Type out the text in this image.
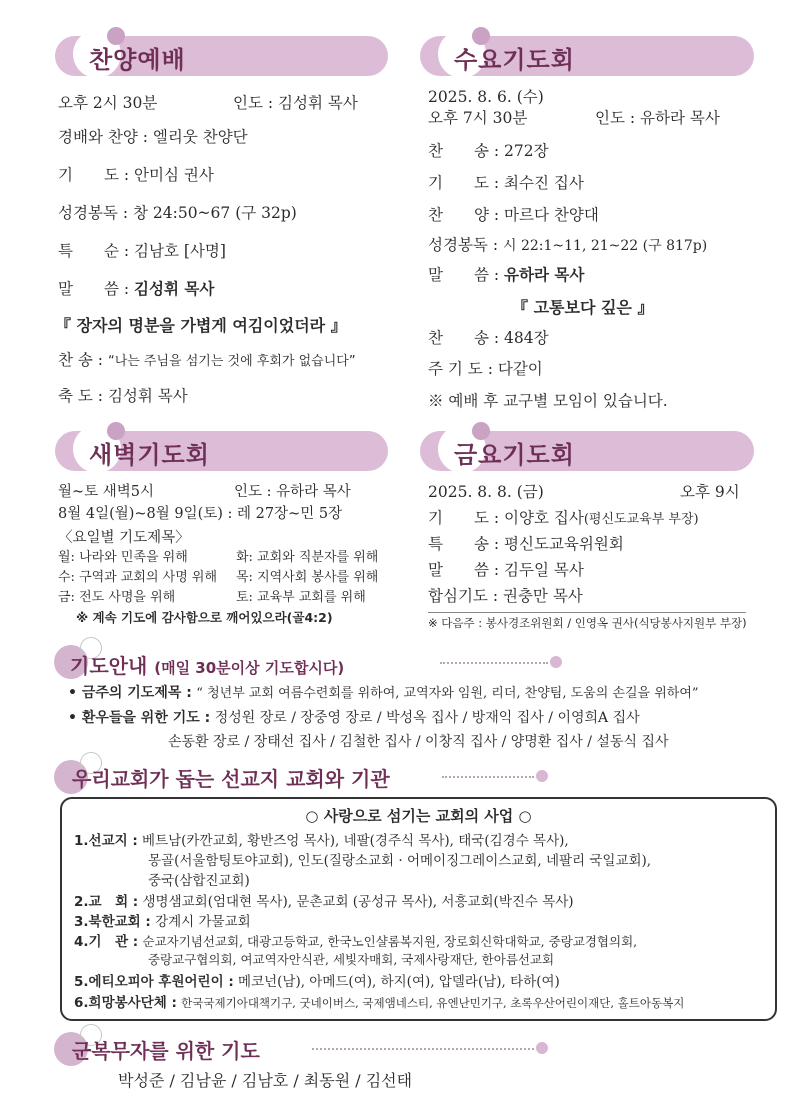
찬양예배
오후 2시 30분	인도 : 김성휘 목사
경배와 찬양 : 엘리웃 찬양단
기　　도 : 안미심 권사
성경봉독 : 창 24:50~67 (구 32p)
특　　순 : 김남호 [사명]
말　　씀 : 김성휘 목사
『 장자의 명분을 가볍게 여김이었더라 』
찬 송 : “나는 주님을 섬기는 것에 후회가 없습니다”
축 도 : 김성휘 목사
수요기도회
2025. 8. 6. (수)
오후 7시 30분	인도 : 유하라 목사
찬　　송 : 272장
기　　도 : 최수진 집사
찬　　양 : 마르다 찬양대
성경봉독 : 시 22:1~11, 21~22 (구 817p)
말　　씀 : 유하라 목사
『 고통보다 깊은 』
찬　　송 : 484장
주 기 도 : 다같이
※ 예배 후 교구별 모임이 있습니다.
새벽기도회
월~토 새벽5시	인도 : 유하라 목사
8월 4일(월)~8월 9일(토) : 레 27장~민 5장
〈요일별 기도제목〉
월: 나라와 민족을 위해	화: 교회와 직분자를 위해
수: 구역과 교회의 사명 위해 목: 지역사회 봉사를 위해
금: 전도 사명을 위해	토: 교육부 교회를 위해
※ 계속 기도에 감사함으로 깨어있으라(골4:2)
금요기도회
2025. 8. 8. (금)	오후 9시
기　　도 : 이양호 집사(평신도교육부 부장)
특　　송 : 평신도교육위원회
말　　씀 : 김두일 목사
합심기도 : 권충만 목사
※ 다음주 : 봉사경조위원회 / 인영옥 권사(식당봉사지원부 부장)
기도안내 (매일 30분이상 기도합시다)
• 금주의 기도제목 : “ 청년부 교회 여름수련회를 위하여, 교역자와 임원, 리더, 찬양팀, 도움의 손길을 위하여”
• 환우들을 위한 기도 : 정성원 장로 / 장중영 장로 / 박성옥 집사 / 방재익 집사 / 이영희A 집사
손동환 장로 / 장태선 집사 / 김철한 집사 / 이창직 집사 / 양명환 집사 / 설동식 집사
우리교회가 돕는 선교지 교회와 기관
○ 사랑으로 섬기는 교회의 사업 ○
1.선교지 : 베트남(카깐교회, 황반즈엉 목사), 네팔(경주식 목사), 태국(김경수 목사),
몽골(서울함팅토야교회), 인도(질랑소교회 · 어메이징그레이스교회, 네팔리 국일교회),
중국(삼합진교회)
2.교　회 : 생명샘교회(엄대현 목사), 문촌교회 (공성규 목사), 서흥교회(박진수 목사)
3.북한교회 : 강계시 가물교회
4.기　관 : 순교자기념선교회, 대광고등학교, 한국노인샬롬복지원, 장로회신학대학교, 중랑교경협의회,
중랑교구협의회, 여교역자안식관, 세빛자매회, 국제사랑재단, 한아름선교회
5.에티오피아 후원어린이 : 메코넌(남), 아메드(여), 하지(여), 압델라(남), 타하(여)
6.희망봉사단체 : 한국국제기아대책기구, 굿네이버스, 국제앰네스티, 유엔난민기구, 초록우산어린이재단, 홀트아동복지
군복무자를 위한 기도
박성준 / 김남윤 / 김남호 / 최동원 / 김선태
